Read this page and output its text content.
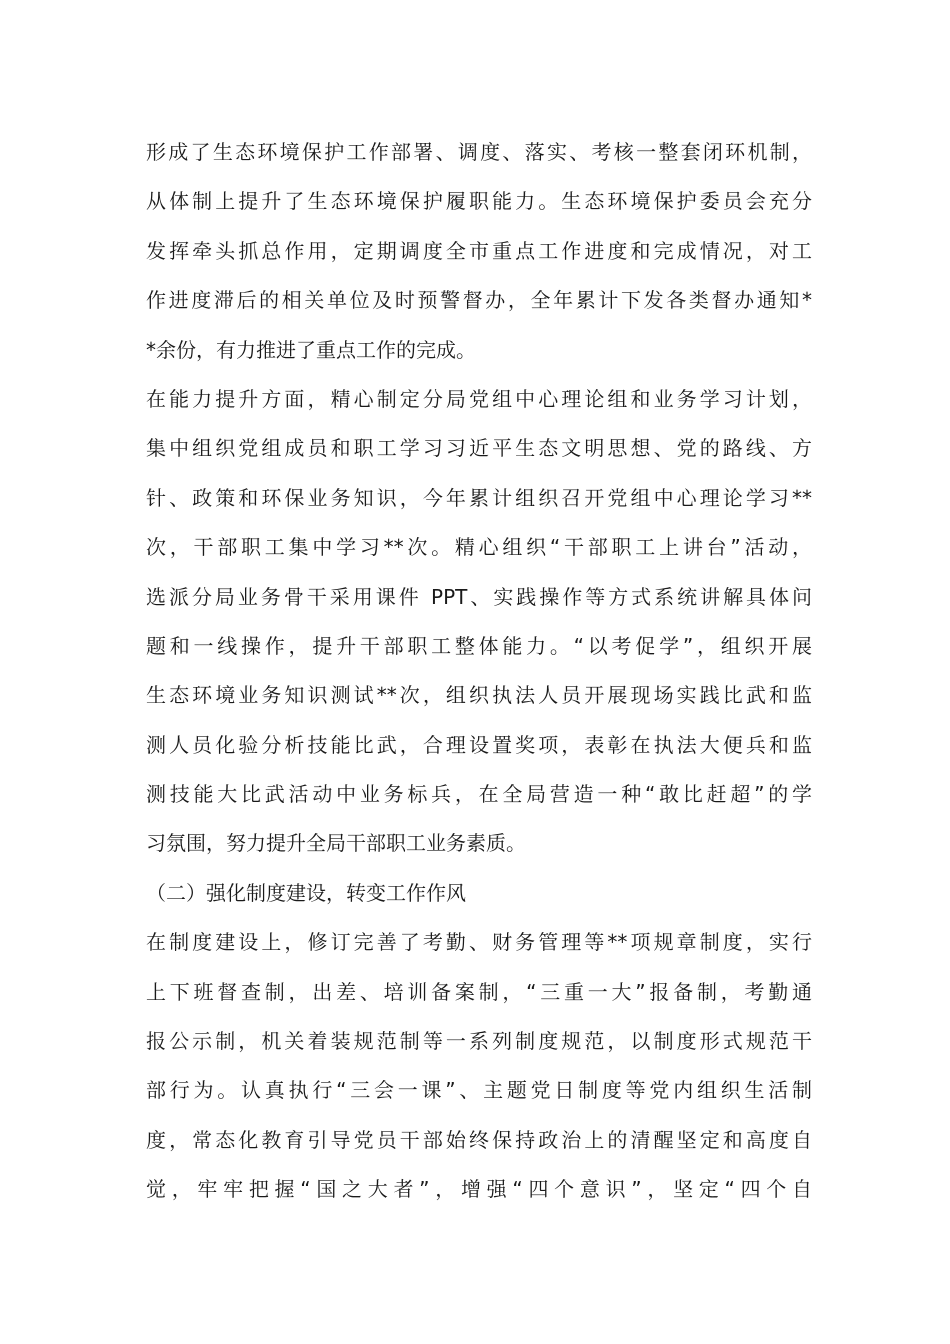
形成了生态环境保护工作部署、调度、落实、考核一整套闭环机制，
从体制上提升了生态环境保护履职能力。生态环境保护委员会充分
发挥牵头抓总作用，定期调度全市重点工作进度和完成情况，对工
作进度滞后的相关单位及时预警督办，全年累计下发各类督办通知*
*余份，有力推进了重点工作的完成。
在能力提升方面，精心制定分局党组中心理论组和业务学习计划，
集中组织党组成员和职工学习习近平生态文明思想、党的路线、方
针、政策和环保业务知识，今年累计组织召开党组中心理论学习**
次，干部职工集中学习**次。精心组织“干部职工上讲台”活动，
选派分局业务骨干采用课件 PPT、实践操作等方式系统讲解具体问
题和一线操作，提升干部职工整体能力。“以考促学”，组织开展
生态环境业务知识测试**次，组织执法人员开展现场实践比武和监
测人员化验分析技能比武，合理设置奖项，表彰在执法大便兵和监
测技能大比武活动中业务标兵，在全局营造一种“敢比赶超”的学
习氛围，努力提升全局干部职工业务素质。
（二）强化制度建设，转变工作作风
在制度建设上，修订完善了考勤、财务管理等**项规章制度，实行
上下班督查制，出差、培训备案制，“三重一大”报备制，考勤通
报公示制，机关着装规范制等一系列制度规范，以制度形式规范干
部行为。认真执行“三会一课”、主题党日制度等党内组织生活制
度，常态化教育引导党员干部始终保持政治上的清醒坚定和高度自
觉，牢牢把握“国之大者”，增强“四个意识”，坚定“四个自
